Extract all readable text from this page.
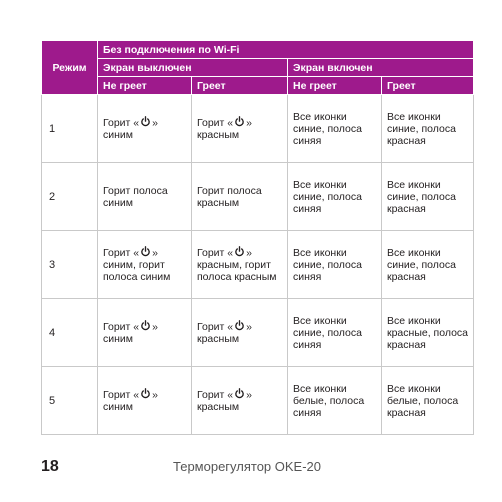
Режим	Без подключения по Wi-Fi			
	Экран выключен		Экран включен	
	Не греет	Греет	Не греет	Греет
1	Горит « » синим	Горит « » красным	Все иконки синие, полоса синяя	Все иконки синие, полоса красная
2	Горит полоса синим	Горит полоса красным	Все иконки синие, полоса синяя	Все иконки синие, полоса красная
3	Горит « » синим, горит полоса синим	Горит « » красным, горит полоса красным	Все иконки синие, полоса синяя	Все иконки синие, полоса красная
4	Горит « » синим	Горит « » красным	Все иконки синие, полоса синяя	Все иконки красные, полоса красная
5	Горит « » синим	Горит « » красным	Все иконки белые, полоса синяя	Все иконки белые, полоса красная
18	Терморегулятор OKE-20
